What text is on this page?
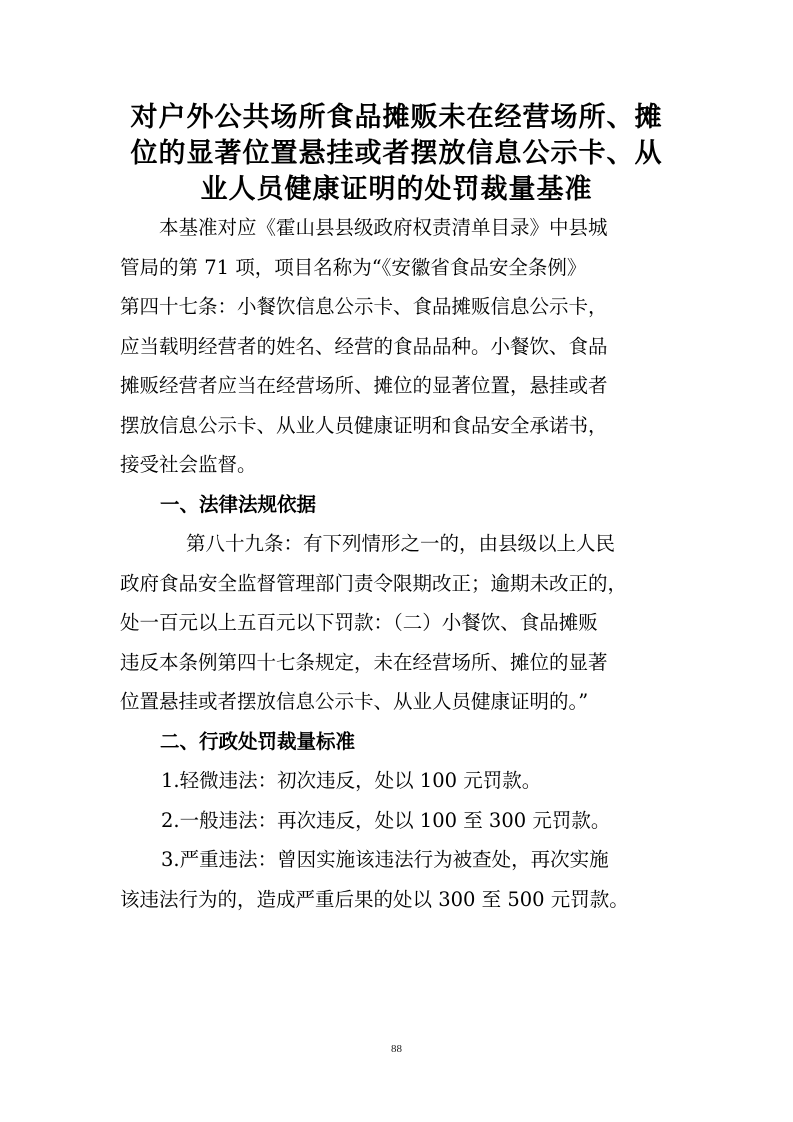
对户外公共场所食品摊贩未在经营场所、摊
位的显著位置悬挂或者摆放信息公示卡、从
业人员健康证明的处罚裁量基准

本基准对应《霍山县县级政府权责清单目录》中县城
管局的第 71 项，项目名称为“《安徽省食品安全条例》
第四十七条：小餐饮信息公示卡、食品摊贩信息公示卡，
应当载明经营者的姓名、经营的食品品种。小餐饮、食品
摊贩经营者应当在经营场所、摊位的显著位置，悬挂或者
摆放信息公示卡、从业人员健康证明和食品安全承诺书，
接受社会监督。

一、法律法规依据

第八十九条：有下列情形之一的，由县级以上人民
政府食品安全监督管理部门责令限期改正；逾期未改正的，
处一百元以上五百元以下罚款：（二）小餐饮、食品摊贩
违反本条例第四十七条规定，未在经营场所、摊位的显著
位置悬挂或者摆放信息公示卡、从业人员健康证明的。”

二、行政处罚裁量标准

1.轻微违法：初次违反，处以 100 元罚款。

2.一般违法：再次违反，处以 100 至 300 元罚款。

3.严重违法：曾因实施该违法行为被查处，再次实施

该违法行为的，造成严重后果的处以 300 至 500 元罚款。

88
